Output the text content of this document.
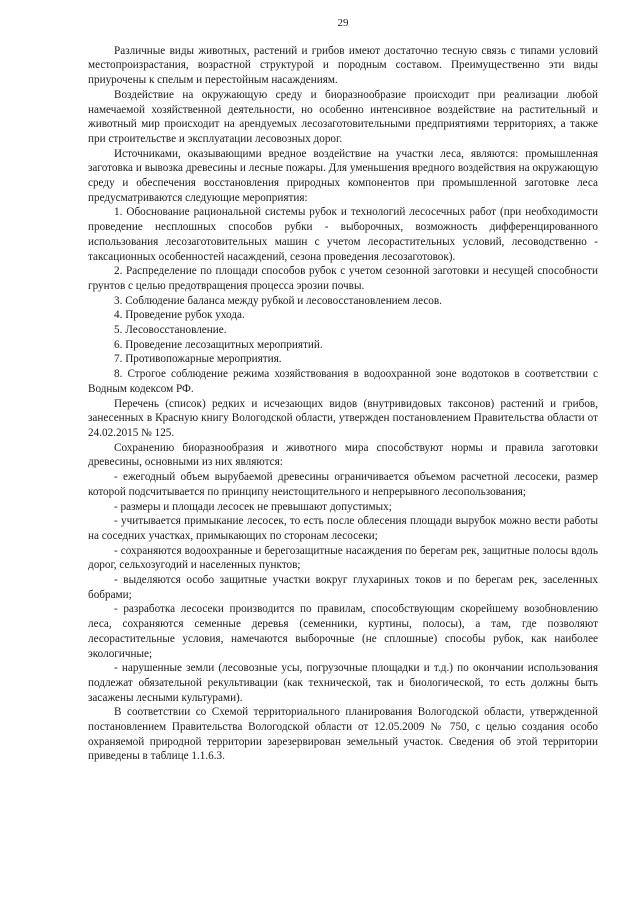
29

Различные виды животных, растений и грибов имеют достаточно тесную связь с типами условий местопроизрастания, возрастной структурой и породным составом. Преимущественно эти виды приурочены к спелым и перестойным насаждениям.

Воздействие на окружающую среду и биоразнообразие происходит при реализации любой намечаемой хозяйственной деятельности, но особенно интенсивное воздействие на растительный и животный мир происходит на арендуемых лесозаготовительными предприятиями территориях, а также при строительстве и эксплуатации лесовозных дорог.

Источниками, оказывающими вредное воздействие на участки леса, являются: промышленная заготовка и вывозка древесины и лесные пожары. Для уменьшения вредного воздействия на окружающую среду и обеспечения восстановления природных компонентов при промышленной заготовке леса предусматриваются следующие мероприятия:

1. Обоснование рациональной системы рубок и технологий лесосечных работ (при необходимости проведение несплошных способов рубки - выборочных, возможность дифференцированного использования лесозаготовительных машин с учетом лесорастительных условий, лесоводственно - таксационных особенностей насаждений, сезона проведения лесозаготовок).

2. Распределение по площади способов рубок с учетом сезонной заготовки и несущей способности грунтов с целью предотвращения процесса эрозии почвы.

3. Соблюдение баланса между рубкой и лесовосстановлением лесов.

4. Проведение рубок ухода.

5. Лесовосстановление.

6. Проведение лесозащитных мероприятий.

7. Противопожарные мероприятия.

8. Строгое соблюдение режима хозяйствования в водоохранной зоне водотоков в соответствии с Водным кодексом РФ.

Перечень (список) редких и исчезающих видов (внутривидовых таксонов) растений и грибов, занесенных в Красную книгу Вологодской области, утвержден постановлением Правительства области от 24.02.2015 № 125.

Сохранению биоразнообразия и животного мира способствуют нормы и правила заготовки древесины, основными из них являются:

- ежегодный объем вырубаемой древесины ограничивается объемом расчетной лесосеки, размер которой подсчитывается по принципу неистощительного и непрерывного лесопользования;

- размеры и площади лесосек не превышают допустимых;

- учитывается примыкание лесосек, то есть после облесения площади вырубок можно вести работы на соседних участках, примыкающих по сторонам лесосеки;

- сохраняются водоохранные и берегозащитные насаждения по берегам рек, защитные полосы вдоль дорог, сельхозугодий и населенных пунктов;

- выделяются особо защитные участки вокруг глухариных токов и по берегам рек, заселенных бобрами;

- разработка лесосеки производится по правилам, способствующим скорейшему возобновлению леса, сохраняются семенные деревья (семенники, куртины, полосы), а там, где позволяют лесорастительные условия, намечаются выборочные (не сплошные) способы рубок, как наиболее экологичные;

- нарушенные земли (лесовозные усы, погрузочные площадки и т.д.) по окончании использования подлежат обязательной рекультивации (как технической, так и биологической, то есть должны быть засажены лесными культурами).

В соответствии со Схемой территориального планирования Вологодской области, утвержденной постановлением Правительства Вологодской области от 12.05.2009 № 750, с целью создания особо охраняемой природной территории зарезервирован земельный участок. Сведения об этой территории приведены в таблице 1.1.6.3.
